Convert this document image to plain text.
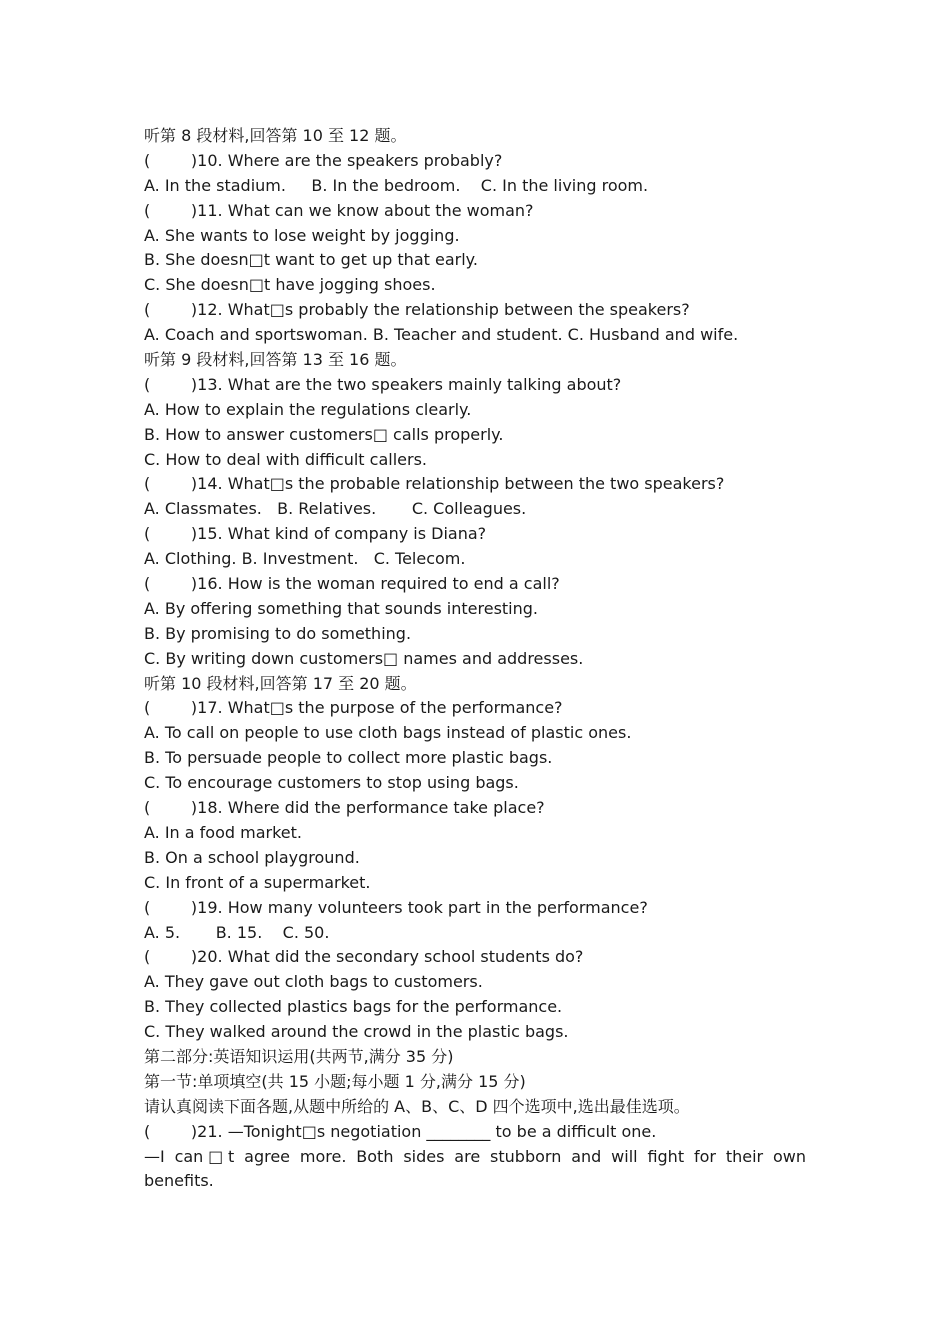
听第 8 段材料,回答第 10 至 12 题。
(        )10. Where are the speakers probably?
A. In the stadium.     B. In the bedroom.    C. In the living room.
(        )11. What can we know about the woman?
A. She wants to lose weight by jogging.
B. She doesn□t want to get up that early.
C. She doesn□t have jogging shoes.
(        )12. What□s probably the relationship between the speakers?
A. Coach and sportswoman. B. Teacher and student. C. Husband and wife.
听第 9 段材料,回答第 13 至 16 题。
(        )13. What are the two speakers mainly talking about?
A. How to explain the regulations clearly.
B. How to answer customers□ calls properly.
C. How to deal with difficult callers.
(        )14. What□s the probable relationship between the two speakers?
A. Classmates.   B. Relatives.       C. Colleagues.
(        )15. What kind of company is Diana?
A. Clothing. B. Investment.   C. Telecom.
(        )16. How is the woman required to end a call?
A. By offering something that sounds interesting.
B. By promising to do something.
C. By writing down customers□ names and addresses.
听第 10 段材料,回答第 17 至 20 题。
(        )17. What□s the purpose of the performance?
A. To call on people to use cloth bags instead of plastic ones.
B. To persuade people to collect more plastic bags.
C. To encourage customers to stop using bags.
(        )18. Where did the performance take place?
A. In a food market.
B. On a school playground.
C. In front of a supermarket.
(        )19. How many volunteers took part in the performance?
A. 5.       B. 15.    C. 50.
(        )20. What did the secondary school students do?
A. They gave out cloth bags to customers.
B. They collected plastics bags for the performance.
C. They walked around the crowd in the plastic bags.
第二部分:英语知识运用(共两节,满分 35 分)
第一节:单项填空(共 15 小题;每小题 1 分,满分 15 分)
请认真阅读下面各题,从题中所给的 A、B、C、D 四个选项中,选出最佳选项。
(        )21. —Tonight□s negotiation ________ to be a difficult one.
—I can□t agree more. Both sides are stubborn and will fight for their own benefits.
